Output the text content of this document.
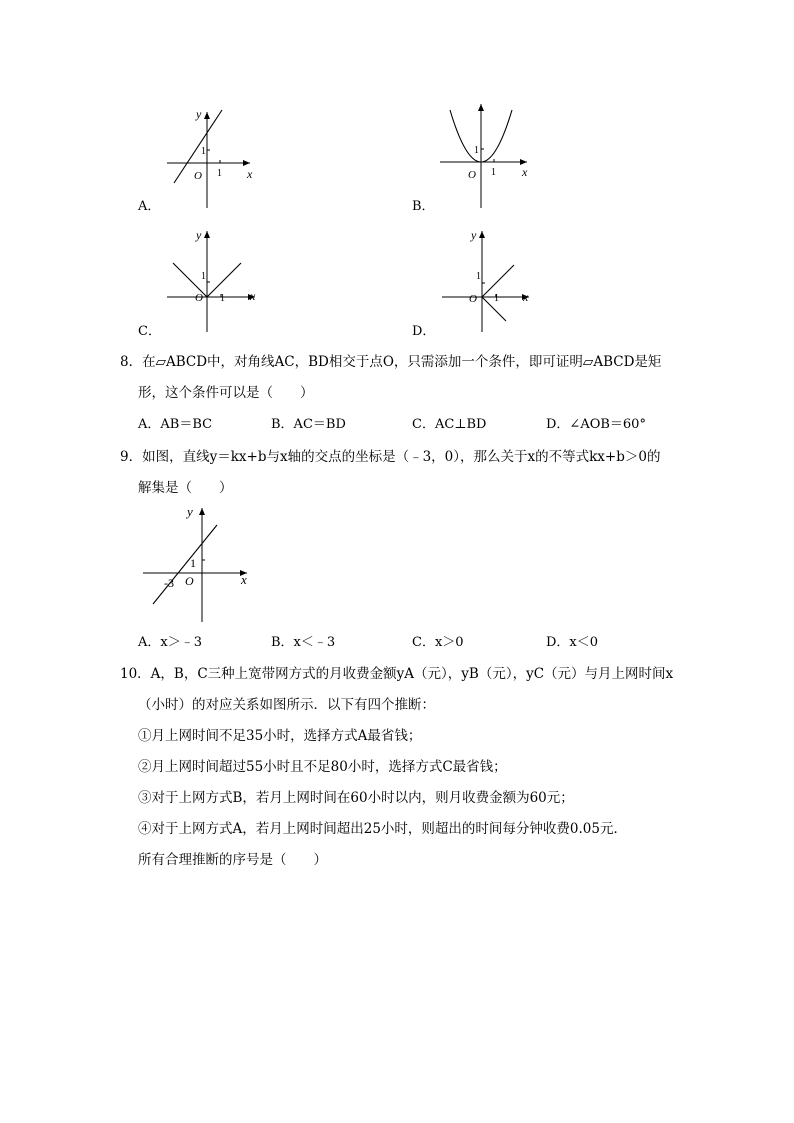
y
x
O 1
1
A．
x
O 1
1
B．
y
x
O 1
1
C．
y
x
O 1
1
D．
8．在▱ABCD中，对角线AC，BD相交于点O，只需添加一个条件，即可证明▱ABCD是矩
形，这个条件可以是（　　）
A．AB＝BC	B．AC＝BD	C．AC⊥BD	D．∠AOB＝60°
9．如图，直线y＝kx+b与x轴的交点的坐标是（﹣3，0），那么关于x的不等式kx+b＞0的
解集是（　　）
y
x
O
1
-3
A．x＞﹣3	B．x＜﹣3	C．x＞0	D．x＜0
10．A，B，C三种上宽带网方式的月收费金额yA（元），yB（元），yC（元）与月上网时间x
（小时）的对应关系如图所示．以下有四个推断：
①月上网时间不足35小时，选择方式A最省钱；
②月上网时间超过55小时且不足80小时，选择方式C最省钱；
③对于上网方式B，若月上网时间在60小时以内，则月收费金额为60元；
④对于上网方式A，若月上网时间超出25小时，则超出的时间每分钟收费0.05元．
所有合理推断的序号是（　　）
